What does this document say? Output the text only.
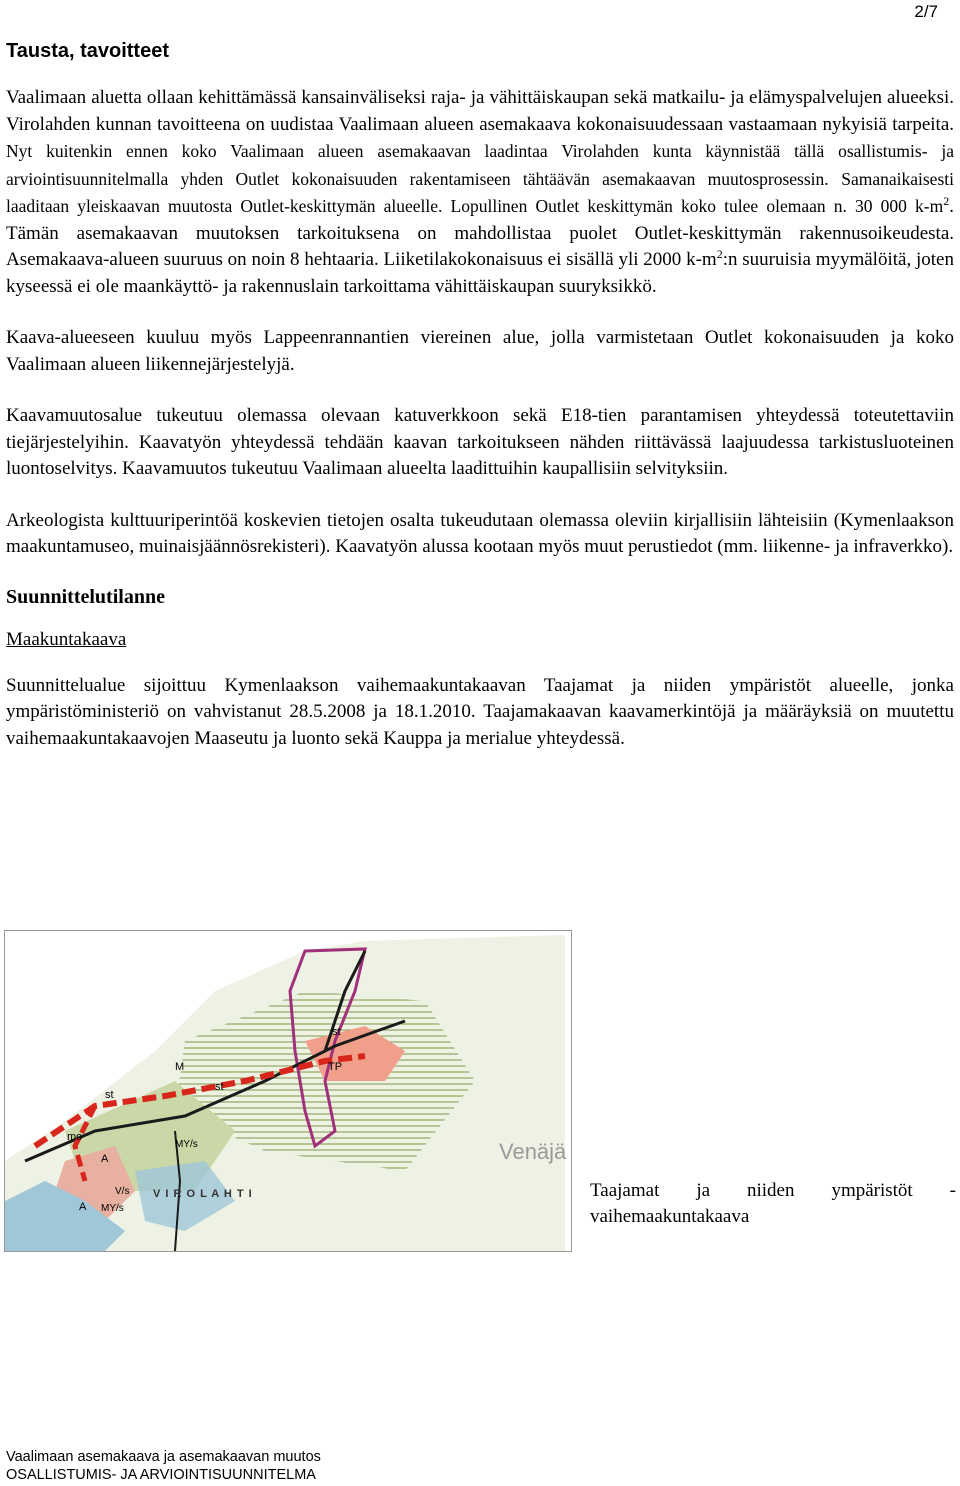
2/7
Tausta, tavoitteet

Vaalimaan aluetta ollaan kehittämässä kansainväliseksi raja- ja vähittäiskaupan sekä matkailu- ja elämyspalvelujen alueeksi. Virolahden kunnan tavoitteena on uudistaa Vaalimaan alueen asemakaava kokonaisuudessaan vastaamaan nykyisiä tarpeita. Nyt kuitenkin ennen koko Vaalimaan alueen asemakaavan laadintaa Virolahden kunta käynnistää tällä osallistumis- ja arviointisuunnitelmalla yhden Outlet kokonaisuuden rakentamiseen tähtäävän asemakaavan muutosprosessin. Samanaikaisesti laaditaan yleiskaavan muutosta Outlet-keskittymän alueelle. Lopullinen Outlet keskittymän koko tulee olemaan n. 30 000 $k-m^2$. Tämän asemakaavan muutoksen tarkoituksena on mahdollistaa puolet Outlet-keskittymän rakennusoikeudesta. Asemakaava-alueen suuruus on noin 8 hehtaaria. Liiketilakokonaisuus ei sisällä yli 2000 $k-m^2:n$ suuruisia myymälöitä, joten kyseessä ei ole maankäyttö- ja rakennuslain tarkoittama vähittäiskaupan suuryksikkö.

Kaava-alueeseen kuuluu myös Lappeenrannantien viereinen alue, jolla varmistetaan Outlet kokonaisuuden ja koko Vaalimaan alueen liikennejärjestelyjä.

Kaavamuutosalue tukeutuu olemassa olevaan katuverkkoon sekä E18-tien parantamisen yhteydessä toteutettaviin tiejärjestelyihin. Kaavatyön yhteydessä tehdään kaavan tarkoitukseen nähden riittävässä laajuudessa tarkistusluoteinen luontoselvitys. Kaavamuutos tukeutuu Vaalimaan alueelta laadittuihin kaupallisiin selvityksiin.

Arkeologista kulttuuriperintöä koskevien tietojen osalta tukeudutaan olemassa oleviin kirjallisiin lähteisiin (Kymenlaakson maakuntamuseo, muinaisjäännösrekisteri). Kaavatyön alussa kootaan myös muut perustiedot (mm. liikenne- ja infraverkko).

Suunnittelutilanne
Maakuntakaava

Suunnittelualue sijoittuu Kymenlaakson vaihemaakuntakaavan Taajamat ja niiden ympäristöt alueelle, jonka ympäristöministeriö on vahvistanut 28.5.2008 ja 18.1.2010. Taajamakaavan kaavamerkintöjä ja määräyksiä on muutettu vaihemaakuntakaavojen Maaseutu ja luonto sekä Kauppa ja merialue yhteydessä.

st
st
st
TP
M
mo
A
A
MY/s
V/s
MY/s
V I R O L A H T I
Venäjä
Taajamat ja niiden ympäristöt -
vaihemaakuntakaava
Vaalimaan asemakaava ja asemakaavan muutos
OSALLISTUMIS- JA ARVIOINTISUUNNITELMA
